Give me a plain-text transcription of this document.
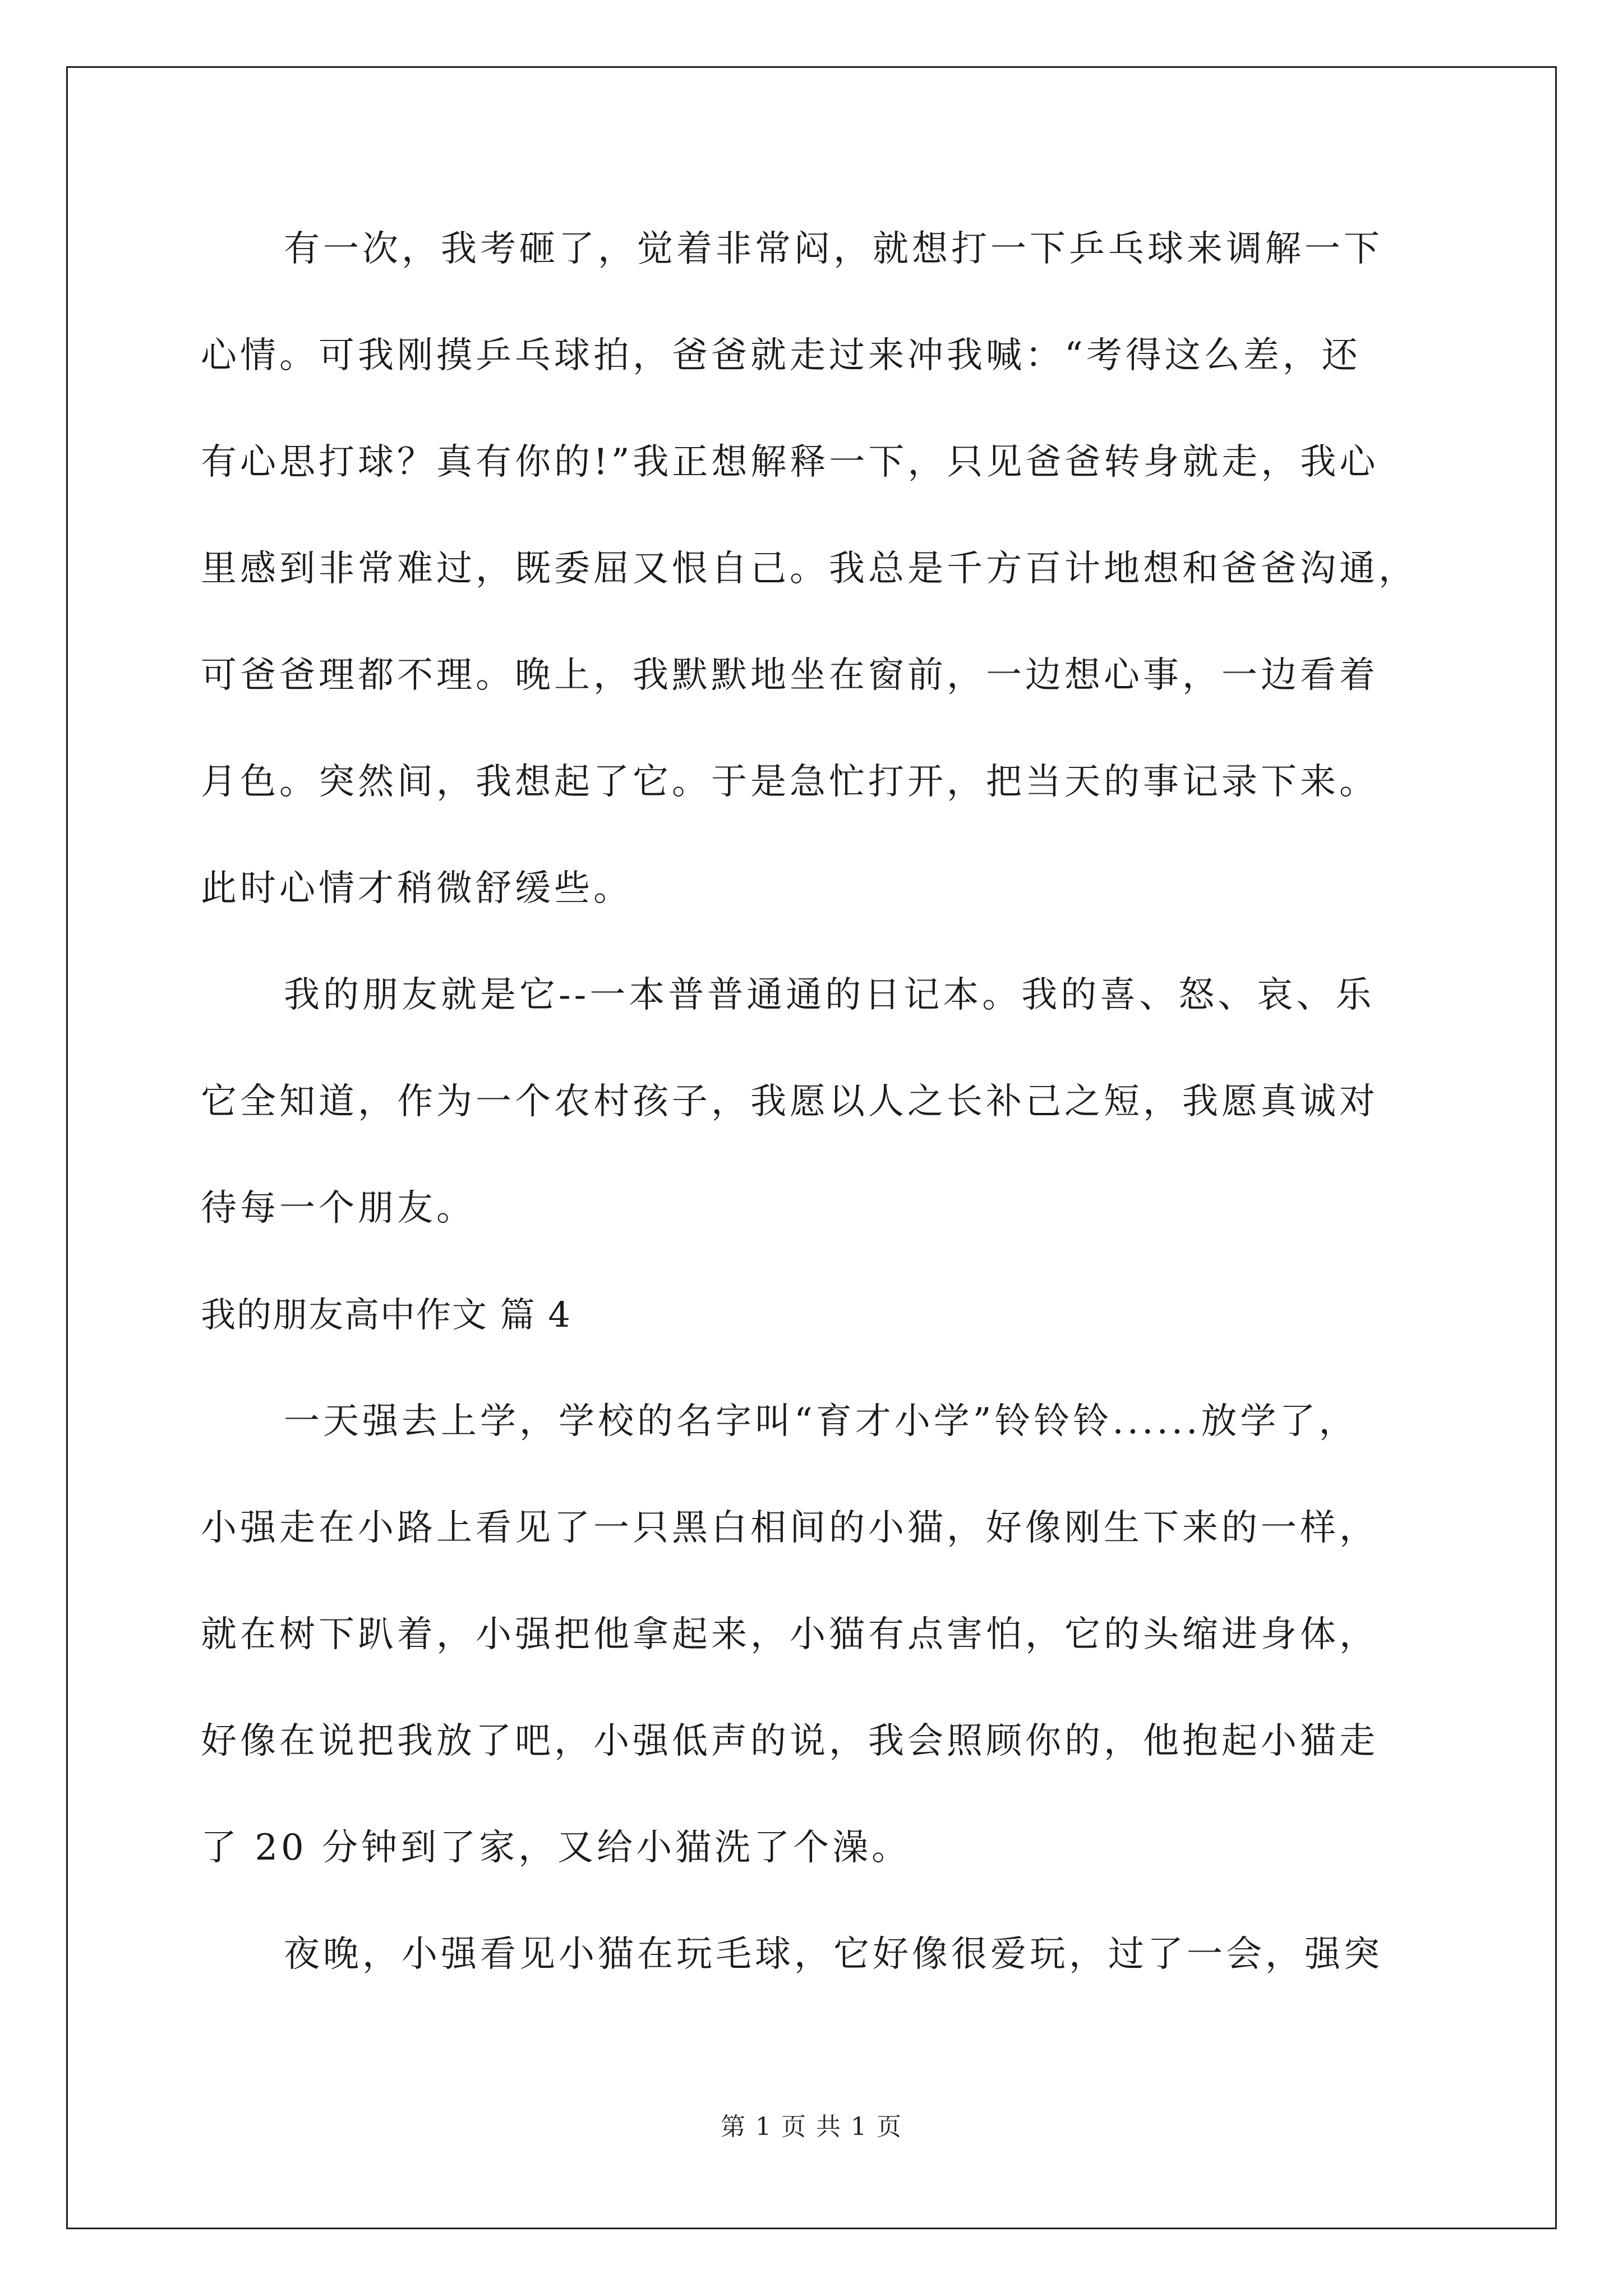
有一次，我考砸了，觉着非常闷，就想打一下乒乓球来调解一下
心情。可我刚摸乒乓球拍，爸爸就走过来冲我喊：“考得这么差，还
有心思打球？真有你的!”我正想解释一下，只见爸爸转身就走，我心
里感到非常难过，既委屈又恨自己。我总是千方百计地想和爸爸沟通，
可爸爸理都不理。晚上，我默默地坐在窗前，一边想心事，一边看着
月色。突然间，我想起了它。于是急忙打开，把当天的事记录下来。
此时心情才稍微舒缓些。
我的朋友就是它--一本普普通通的日记本。我的喜、怒、哀、乐
它全知道，作为一个农村孩子，我愿以人之长补己之短，我愿真诚对
待每一个朋友。
我的朋友高中作文 篇 4
一天强去上学，学校的名字叫“育才小学”铃铃铃......放学了，
小强走在小路上看见了一只黑白相间的小猫，好像刚生下来的一样，
就在树下趴着，小强把他拿起来，小猫有点害怕，它的头缩进身体，
好像在说把我放了吧，小强低声的说，我会照顾你的，他抱起小猫走
了 20 分钟到了家，又给小猫洗了个澡。
夜晚，小强看见小猫在玩毛球，它好像很爱玩，过了一会，强突
第 1 页 共 1 页
